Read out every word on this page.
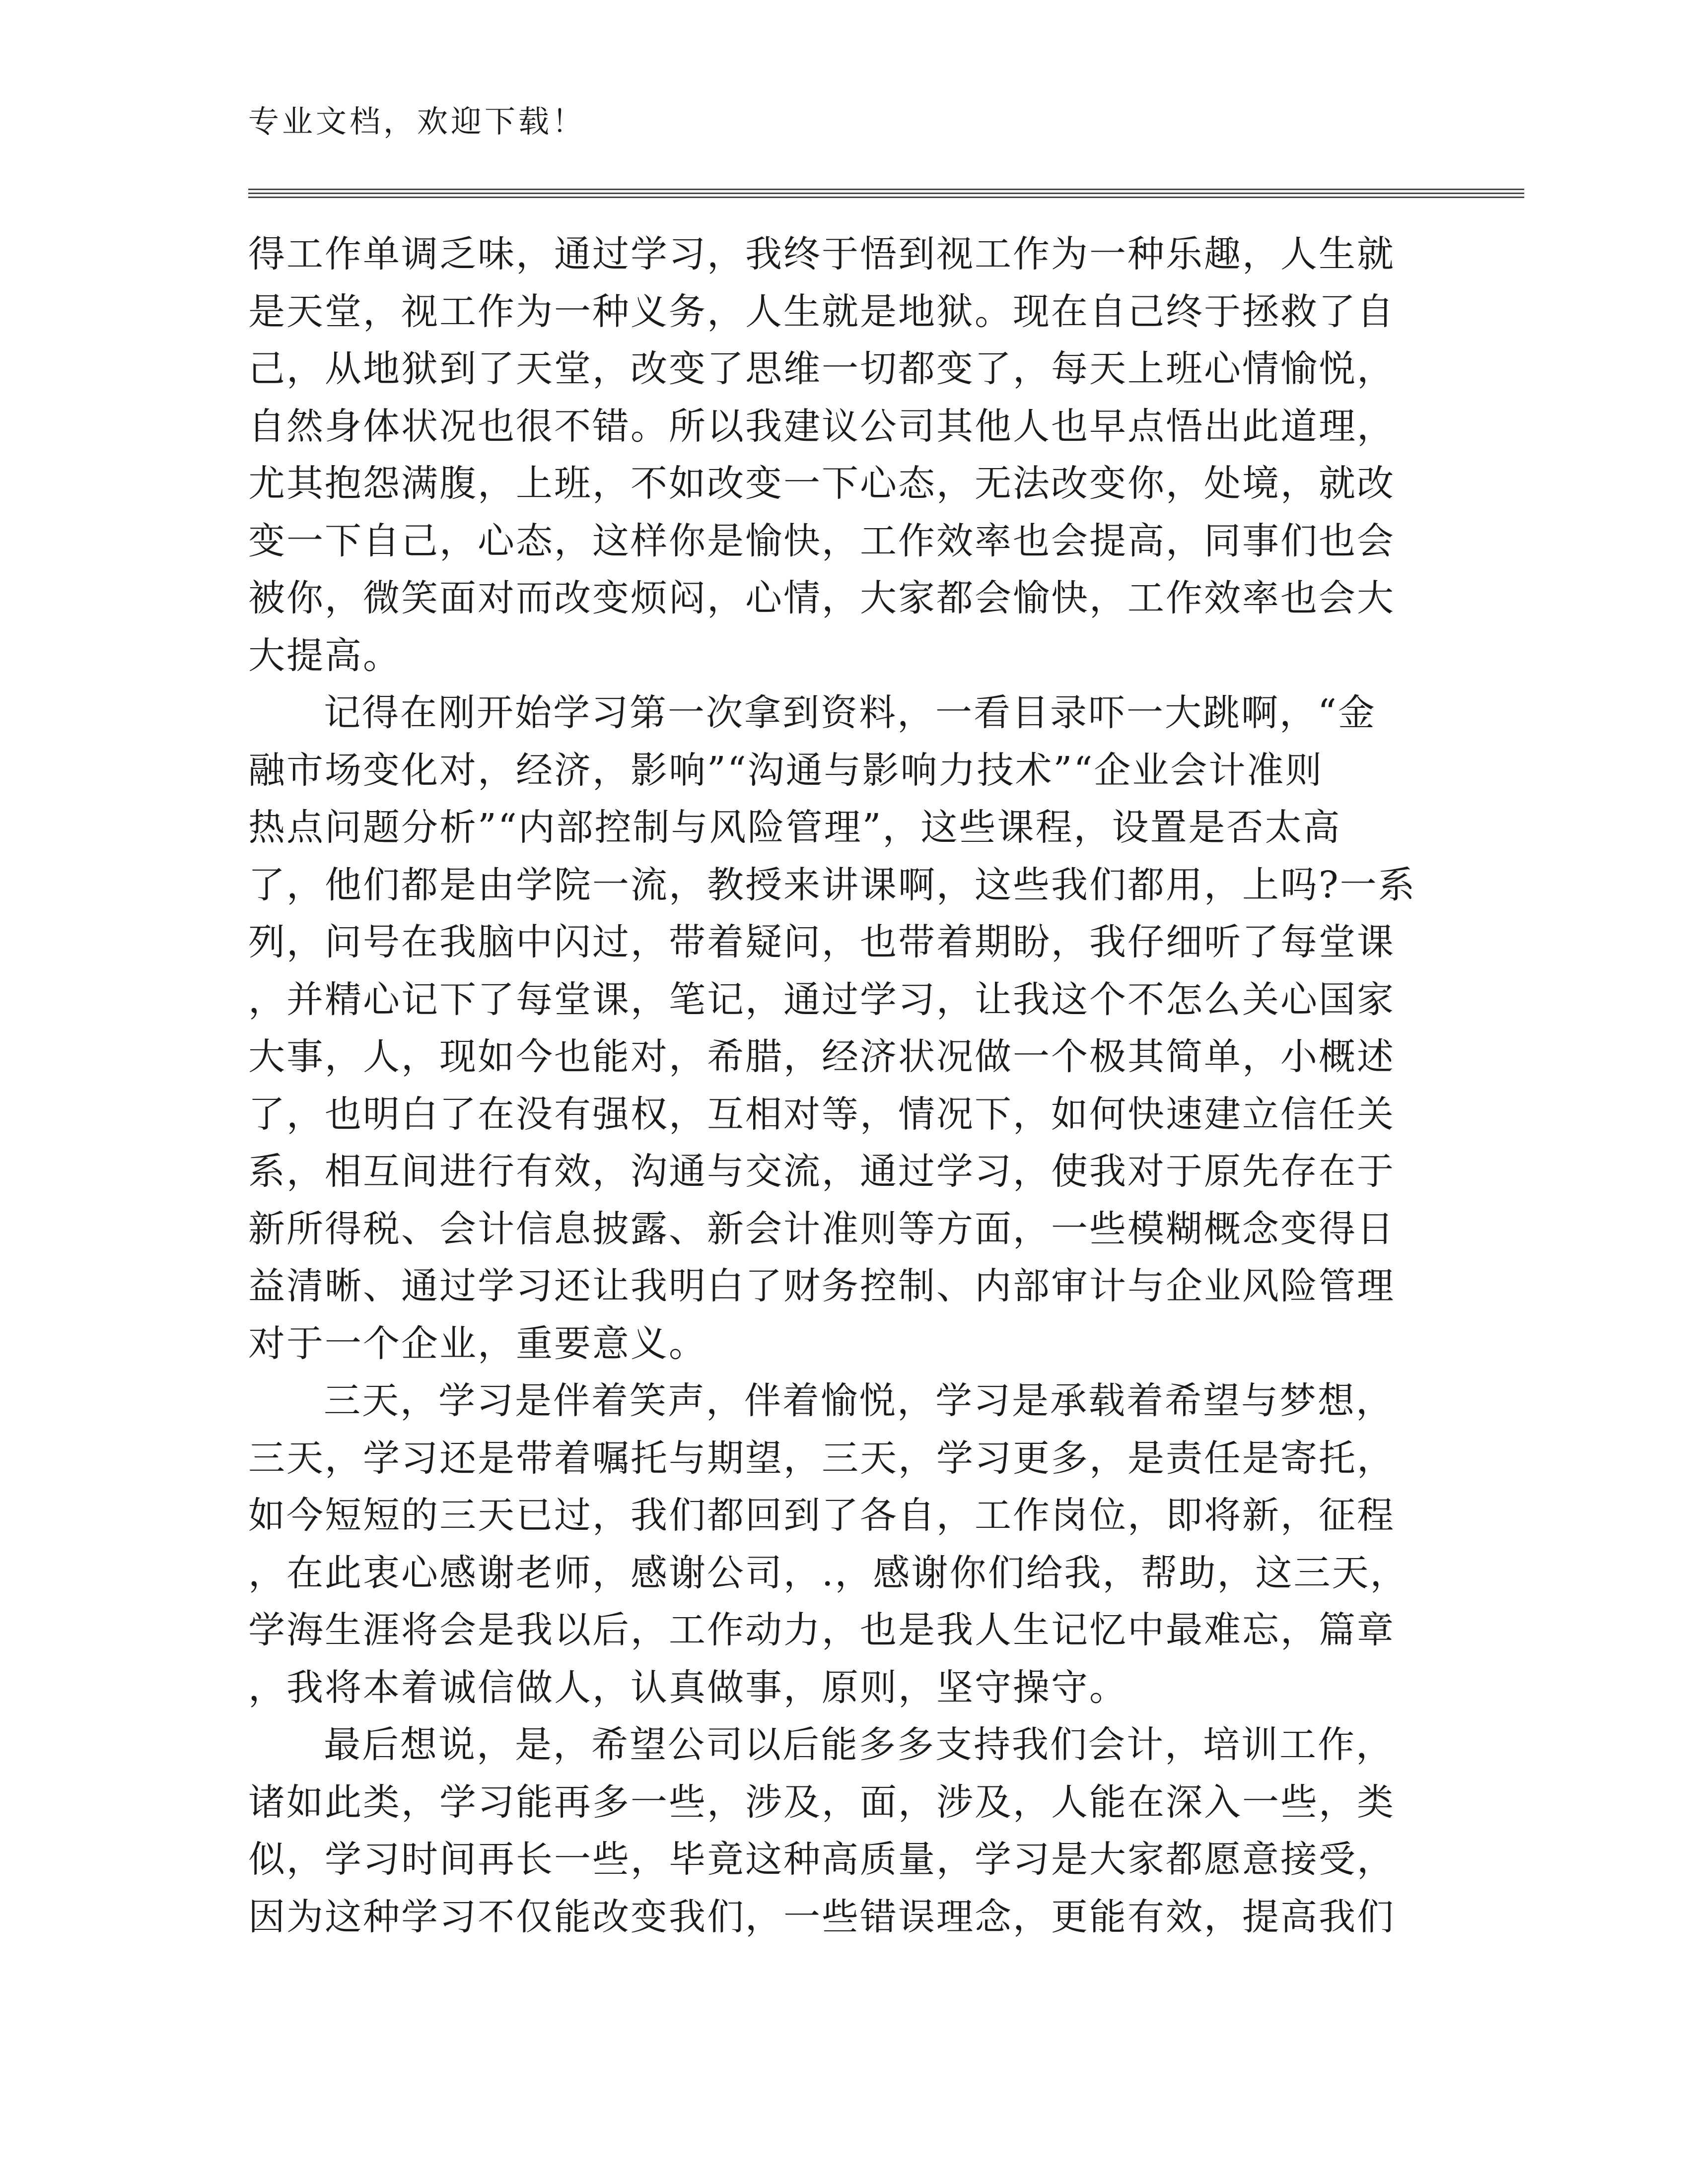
专业文档，欢迎下载！
得工作单调乏味，通过学习，我终于悟到视工作为一种乐趣，人生就
是天堂，视工作为一种义务，人生就是地狱。现在自己终于拯救了自
己，从地狱到了天堂，改变了思维一切都变了，每天上班心情愉悦，
自然身体状况也很不错。所以我建议公司其他人也早点悟出此道理，
尤其抱怨满腹，上班，不如改变一下心态，无法改变你，处境，就改
变一下自己，心态，这样你是愉快，工作效率也会提高，同事们也会
被你，微笑面对而改变烦闷，心情，大家都会愉快，工作效率也会大
大提高。
记得在刚开始学习第一次拿到资料，一看目录吓一大跳啊，“金
融市场变化对，经济，影响”“沟通与影响力技术”“企业会计准则
热点问题分析”“内部控制与风险管理”，这些课程，设置是否太高
了，他们都是由学院一流，教授来讲课啊，这些我们都用，上吗?一系
列，问号在我脑中闪过，带着疑问，也带着期盼，我仔细听了每堂课
，并精心记下了每堂课，笔记，通过学习，让我这个不怎么关心国家
大事，人，现如今也能对，希腊，经济状况做一个极其简单，小概述
了，也明白了在没有强权，互相对等，情况下，如何快速建立信任关
系，相互间进行有效，沟通与交流，通过学习，使我对于原先存在于
新所得税、会计信息披露、新会计准则等方面，一些模糊概念变得日
益清晰、通过学习还让我明白了财务控制、内部审计与企业风险管理
对于一个企业，重要意义。
三天，学习是伴着笑声，伴着愉悦，学习是承载着希望与梦想，
三天，学习还是带着嘱托与期望，三天，学习更多，是责任是寄托，
如今短短的三天已过，我们都回到了各自，工作岗位，即将新，征程
，在此衷心感谢老师，感谢公司，.，感谢你们给我，帮助，这三天，
学海生涯将会是我以后，工作动力，也是我人生记忆中最难忘，篇章
，我将本着诚信做人，认真做事，原则，坚守操守。
最后想说，是，希望公司以后能多多支持我们会计，培训工作，
诸如此类，学习能再多一些，涉及，面，涉及，人能在深入一些，类
似，学习时间再长一些，毕竟这种高质量，学习是大家都愿意接受，
因为这种学习不仅能改变我们，一些错误理念，更能有效，提高我们
